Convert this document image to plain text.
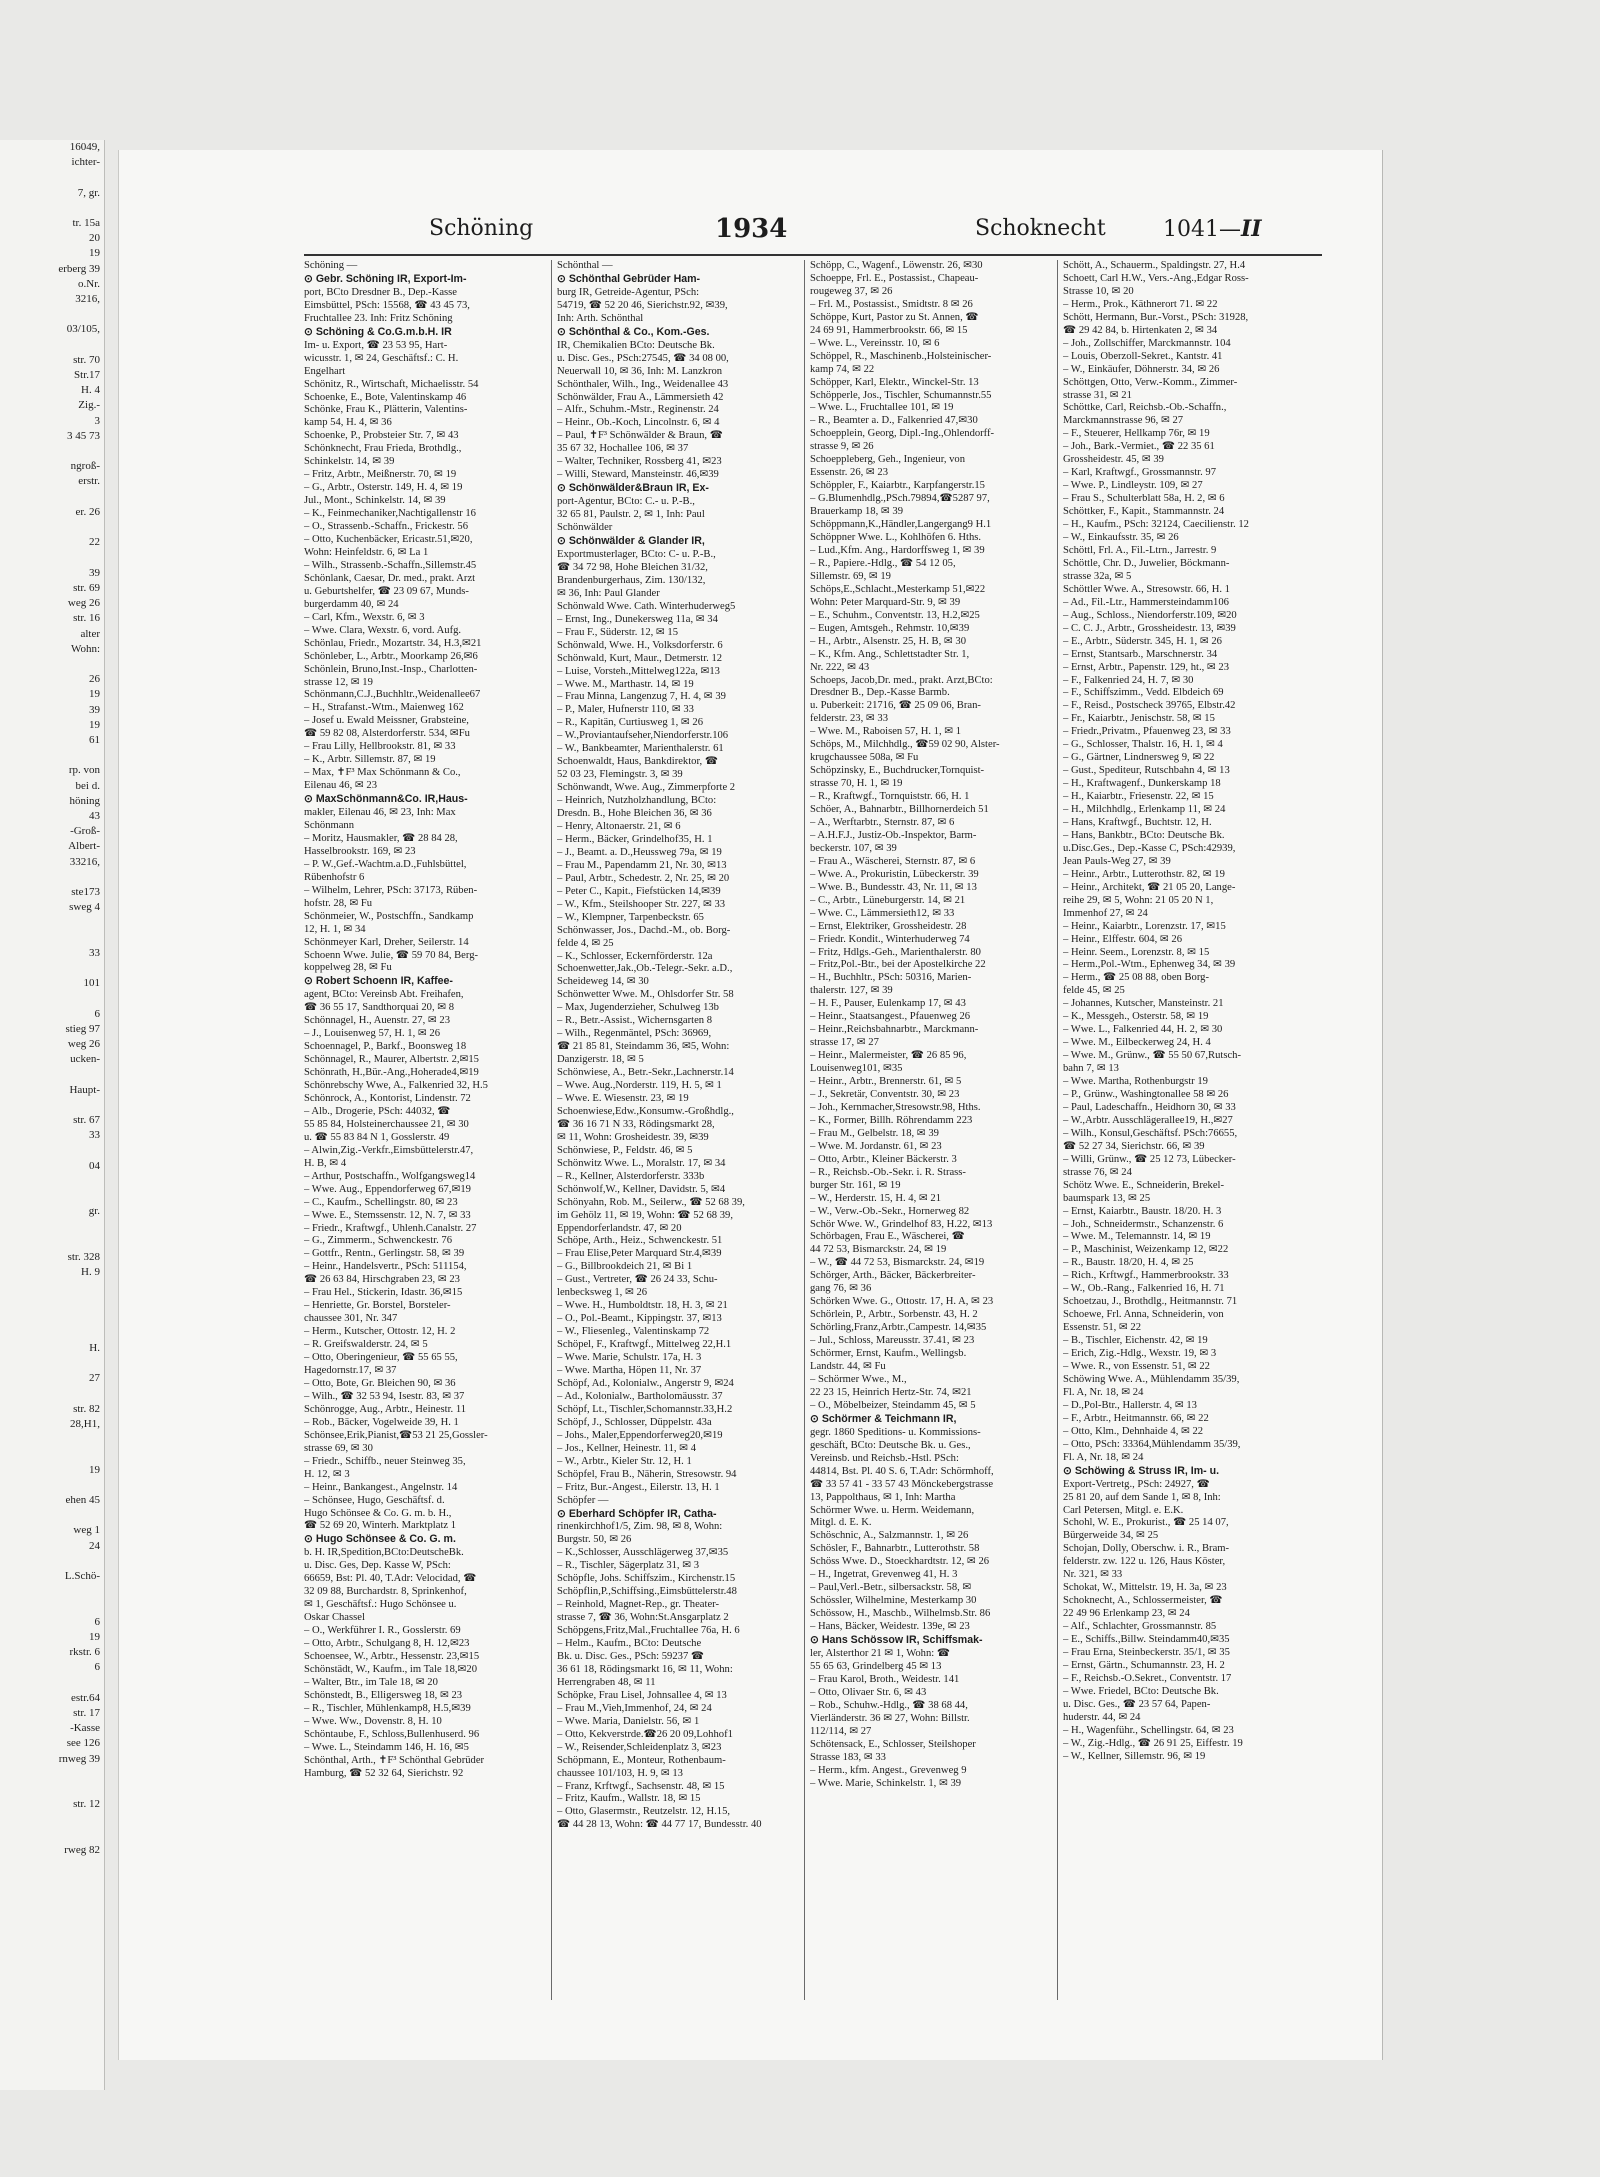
16049,
ichter-

7, gr.

tr. 15a
20
19
erberg 39
o.Nr.
3216,

03/105,

str. 70
Str.17
H. 4
Zig.-
3
3 45 73

ngroß-
erstr.

er. 26

22

39
str. 69
weg 26
str. 16
alter
Wohn:

26
19
39
19
61

rp. von
bei d.
höning
43
-Groß-
Albert-
33216,

ste173
sweg 4

33

101

6
stieg 97
weg 26
ucken-

Haupt-

str. 67
33

04

gr.

str. 328
H. 9

H.

27

str. 82
28,H1,

19

ehen 45

weg 1
24

L.Schö-

6
19
rkstr. 6
6

estr.64
str. 17
-Kasse
see 126
rnweg 39

str. 12

rweg 82
Schöning	1934	Schoknecht	1041—II
Schöning —
⊙ Gebr. Schöning IR, Export-Im-
port, BCto Dresdner B., Dep.-Kasse
Eimsbüttel, PSch: 15568, ☎ 43 45 73,
Fruchtallee 23. Inh: Fritz Schöning
⊙ Schöning & Co.G.m.b.H. IR
Im- u. Export, ☎ 23 53 95, Hart-
wicusstr. 1, ✉ 24, Geschäftsf.: C. H.
Engelhart
Schönitz, R., Wirtschaft, Michaelisstr. 54
Schoenke, E., Bote, Valentinskamp 46
Schönke, Frau K., Plätterin, Valentins-
kamp 54, H. 4, ✉ 36
Schoenke, P., Probsteier Str. 7, ✉ 43
Schönknecht, Frau Frieda, Brothdlg.,
Schinkelstr. 14, ✉ 39
– Fritz, Arbtr., Meißnerstr. 70, ✉ 19
– G., Arbtr., Osterstr. 149, H. 4, ✉ 19
Jul., Mont., Schinkelstr. 14, ✉ 39
– K., Feinmechaniker,Nachtigallenstr 16
– O., Strassenb.-Schaffn., Frickestr. 56
– Otto, Kuchenbäcker, Ericastr.51,✉20,
Wohn: Heinfeldstr. 6, ✉ La 1
– Wilh., Strassenb.-Schaffn.,Sillemstr.45
Schönlank, Caesar, Dr. med., prakt. Arzt
u. Geburtshelfer, ☎ 23 09 67, Munds-
burgerdamm 40, ✉ 24
– Carl, Kfm., Wexstr. 6, ✉ 3
– Wwe. Clara, Wexstr. 6, vord. Aufg.
Schönlau, Friedr., Mozartstr. 34, H.3,✉21
Schönleber, L., Arbtr., Moorkamp 26,✉6
Schönlein, Bruno,Inst.-Insp., Charlotten-
strasse 12, ✉ 19
Schönmann,C.J.,Buchhltr.,Weidenallee67
– H., Strafanst.-Wtm., Maienweg 162
– Josef u. Ewald Meissner, Grabsteine,
☎ 59 82 08, Alsterdorferstr. 534, ✉Fu
– Frau Lilly, Hellbrookstr. 81, ✉ 33
– K., Arbtr. Sillemstr. 87, ✉ 19
– Max, ✝F³ Max Schönmann & Co.,
Eilenau 46, ✉ 23
⊙ MaxSchönmann&Co. IR,Haus-
makler, Eilenau 46, ✉ 23, Inh: Max
Schönmann
– Moritz, Hausmakler, ☎ 28 84 28,
Hasselbrookstr. 169, ✉ 23
– P. W.,Gef.-Wachtm.a.D.,Fuhlsbüttel,
Rübenhofstr 6
– Wilhelm, Lehrer, PSch: 37173, Rüben-
hofstr. 28, ✉ Fu
Schönmeier, W., Postschffn., Sandkamp
12, H. 1, ✉ 34
Schönmeyer Karl, Dreher, Seilerstr. 14
Schoenn Wwe. Julie, ☎ 59 70 84, Berg-
koppelweg 28, ✉ Fu
⊙ Robert Schoenn IR, Kaffee-
agent, BCto: Vereinsb Abt. Freihafen,
☎ 36 55 17, Sandthorquai 20, ✉ 8
Schönnagel, H., Auenstr. 27, ✉ 23
– J., Louisenweg 57, H. 1, ✉ 26
Schoennagel, P., Barkf., Boonsweg 18
Schönnagel, R., Maurer, Albertstr. 2,✉15
Schönrath, H.,Bür.-Ang.,Hoherade4,✉19
Schönrebschy Wwe, A., Falkenried 32, H.5
Schönrock, A., Kontorist, Lindenstr. 72
– Alb., Drogerie, PSch: 44032, ☎
55 85 84, Holsteinerchaussee 21, ✉ 30
u. ☎ 55 83 84 N 1, Gosslerstr. 49
– Alwin,Zig.-Verkfr.,Eimsbüttelerstr.47,
H. B, ✉ 4
– Arthur, Postschaffn., Wolfgangsweg14
– Wwe. Aug., Eppendorferweg 67,✉19
– C., Kaufm., Schellingstr. 80, ✉ 23
– Wwe. E., Stemssenstr. 12, N. 7, ✉ 33
– Friedr., Kraftwgf., Uhlenh.Canalstr. 27
– G., Zimmerm., Schwenckestr. 76
– Gottfr., Rentn., Gerlingstr. 58, ✉ 39
– Heinr., Handelsvertr., PSch: 511154,
☎ 26 63 84, Hirschgraben 23, ✉ 23
– Frau Hel., Stickerin, Idastr. 36,✉15
– Henriette, Gr. Borstel, Borsteler-
chaussee 301, Nr. 347
– Herm., Kutscher, Ottostr. 12, H. 2
– R. Greifswalderstr. 24, ✉ 5
– Otto, Oberingenieur, ☎ 55 65 55,
Hagedornstr.17, ✉ 37
– Otto, Bote, Gr. Bleichen 90, ✉ 36
– Wilh., ☎ 32 53 94, Isestr. 83, ✉ 37
Schönrogge, Aug., Arbtr., Heinestr. 11
– Rob., Bäcker, Vogelweide 39, H. 1
Schönsee,Erik,Pianist,☎53 21 25,Gossler-
strasse 69, ✉ 30
– Friedr., Schiffb., neuer Steinweg 35,
H. 12, ✉ 3
– Heinr., Bankangest., Angelnstr. 14
– Schönsee, Hugo, Geschäftsf. d.
Hugo Schönsee & Co. G. m. b. H.,
☎ 52 69 20, Winterh. Marktplatz 1
⊙ Hugo Schönsee & Co. G. m.
b. H. IR,Spedition,BCto:DeutscheBk.
u. Disc. Ges, Dep. Kasse W, PSch:
66659, Bst: Pl. 40, T.Adr: Velocidad, ☎
32 09 88, Burchardstr. 8, Sprinkenhof,
✉ 1, Geschäftsf.: Hugo Schönsee u.
Oskar Chassel
– O., Werkführer I. R., Gosslerstr. 69
– Otto, Arbtr., Schulgang 8, H. 12,✉23
Schoensee, W., Arbtr., Hessenstr. 23,✉15
Schönstädt, W., Kaufm., im Tale 18,✉20
– Walter, Btr., im Tale 18, ✉ 20
Schönstedt, B., Elligersweg 18, ✉ 23
– R., Tischler, Mühlenkamp8, H.5,✉39
– Wwe. Ww., Dovenstr. 8, H. 10
Schöntaube, F., Schloss,Bullenhuserd. 96
– Wwe. L., Steindamm 146, H. 16, ✉5
Schönthal, Arth., ✝F³ Schönthal Gebrüder
Hamburg, ☎ 52 32 64, Sierichstr. 92
Schönthal —
⊙ Schönthal Gebrüder Ham-
burg IR, Getreide-Agentur, PSch:
54719, ☎ 52 20 46, Sierichstr.92, ✉39,
Inh: Arth. Schönthal
⊙ Schönthal & Co., Kom.-Ges.
IR, Chemikalien BCto: Deutsche Bk.
u. Disc. Ges., PSch:27545, ☎ 34 08 00,
Neuerwall 10, ✉ 36, Inh: M. Lanzkron
Schönthaler, Wilh., Ing., Weidenallee 43
Schönwälder, Frau A., Lämmersieth 42
– Alfr., Schuhm.-Mstr., Reginenstr. 24
– Heinr., Ob.-Koch, Lincolnstr. 6, ✉ 4
– Paul, ✝F³ Schönwälder & Braun, ☎
35 67 32, Hochallee 106, ✉ 37
– Walter, Techniker, Rossberg 41, ✉23
– Willi, Steward, Mansteinstr. 46,✉39
⊙ Schönwälder&Braun IR, Ex-
port-Agentur, BCto: C.- u. P.-B.,
32 65 81, Paulstr. 2, ✉ 1, Inh: Paul
Schönwälder
⊙ Schönwälder & Glander IR,
Exportmusterlager, BCto: C- u. P.-B.,
☎ 34 72 98, Hohe Bleichen 31/32,
Brandenburgerhaus, Zim. 130/132,
✉ 36, Inh: Paul Glander
Schönwald Wwe. Cath. Winterhuderweg5
– Ernst, Ing., Dunekersweg 11a, ✉ 34
– Frau F., Süderstr. 12, ✉ 15
Schönwald, Wwe. H., Volksdorferstr. 6
Schönwald, Kurt, Maur., Detmerstr. 12
– Luise, Vorsteh.,Mittelweg122a, ✉13
– Wwe. M., Marthastr. 14, ✉ 19
– Frau Minna, Langenzug 7, H. 4, ✉ 39
– P., Maler, Hufnerstr 110, ✉ 33
– R., Kapitän, Curtiusweg 1, ✉ 26
– W.,Proviantaufseher,Niendorferstr.106
– W., Bankbeamter, Marienthalerstr. 61
Schoenwaldt, Haus, Bankdirektor, ☎
52 03 23, Flemingstr. 3, ✉ 39
Schönwandt, Wwe. Aug., Zimmerpforte 2
– Heinrich, Nutzholzhandlung, BCto:
Dresdn. B., Hohe Bleichen 36, ✉ 36
– Henry, Altonaerstr. 21, ✉ 6
– Herm., Bäcker, Grindelhof35, H. 1
– J., Beamt. a. D.,Heussweg 79a, ✉ 19
– Frau M., Papendamm 21, Nr. 30, ✉13
– Paul, Arbtr., Schedestr. 2, Nr. 25, ✉ 20
– Peter C., Kapit., Fiefstücken 14,✉39
– W., Kfm., Steilshooper Str. 227, ✉ 33
– W., Klempner, Tarpenbeckstr. 65
Schönwasser, Jos., Dachd.-M., ob. Borg-
felde 4, ✉ 25
– K., Schlosser, Eckernförderstr. 12a
Schoenwetter,Jak.,Ob.-Telegr.-Sekr. a.D.,
Scheideweg 14, ✉ 30
Schönwetter Wwe. M., Ohlsdorfer Str. 58
– Max, Jugenderzieher, Schulweg 13b
– R., Betr.-Assist., Wichernsgarten 8
– Wilh., Regenmäntel, PSch: 36969,
☎ 21 85 81, Steindamm 36, ✉5, Wohn:
Danzigerstr. 18, ✉ 5
Schönwiese, A., Betr.-Sekr.,Lachnerstr.14
– Wwe. Aug.,Norderstr. 119, H. 5, ✉ 1
– Wwe. E. Wiesenstr. 23, ✉ 19
Schoenwiese,Edw.,Konsumw.-Großhdlg.,
☎ 36 16 71 N 33, Rödingsmarkt 28,
✉ 11, Wohn: Grosheidestr. 39, ✉39
Schönwiese, P., Feldstr. 46, ✉ 5
Schönwitz Wwe. L., Moralstr. 17, ✉ 34
– R., Kellner, Alsterdorferstr. 333b
Schönwolf,W., Kellner, Davidstr. 5, ✉4
Schönyahn, Rob. M., Seilerw., ☎ 52 68 39,
im Gehölz 11, ✉ 19, Wohn: ☎ 52 68 39,
Eppendorferlandstr. 47, ✉ 20
Schöpe, Arth., Heiz., Schwenckestr. 51
– Frau Elise,Peter Marquard Str.4,✉39
– G., Billbrookdeich 21, ✉ Bi 1
– Gust., Vertreter, ☎ 26 24 33, Schu-
lenbecksweg 1, ✉ 26
– Wwe. H., Humboldtstr. 18, H. 3, ✉ 21
– O., Pol.-Beamt., Kippingstr. 37, ✉13
– W., Fliesenleg., Valentinskamp 72
Schöpel, F., Kraftwgf., Mittelweg 22,H.1
– Wwe. Marie, Schulstr. 17a, H. 3
– Wwe. Martha, Höpen 11, Nr. 37
Schöpf, Ad., Kolonialw., Angerstr 9, ✉24
– Ad., Kolonialw., Bartholomäusstr. 37
Schöpf, Lt., Tischler,Schomannstr.33,H.2
Schöpf, J., Schlosser, Düppelstr. 43a
– Johs., Maler,Eppendorferweg20,✉19
– Jos., Kellner, Heinestr. 11, ✉ 4
– W., Arbtr., Kieler Str. 12, H. 1
Schöpfel, Frau B., Näherin, Stresowstr. 94
– Fritz, Bur.-Angest., Eilerstr. 13, H. 1
Schöpfer —
⊙ Eberhard Schöpfer IR, Catha-
rinenkirchhof1/5, Zim. 98, ✉ 8, Wohn:
Burgstr. 50, ✉ 26
– K.,Schlosser, Ausschlägerweg 37,✉35
– R., Tischler, Sägerplatz 31, ✉ 3
Schöpfle, Johs. Schiffszim., Kirchenstr.15
Schöpflin,P.,Schiffsing.,Eimsbüttelerstr.48
– Reinhold, Magnet-Rep., gr. Theater-
strasse 7, ☎ 36, Wohn:St.Ansgarplatz 2
Schöpgens,Fritz,Mal.,Fruchtallee 76a, H. 6
– Helm., Kaufm., BCto: Deutsche
Bk. u. Disc. Ges., PSch: 59237 ☎
36 61 18, Rödingsmarkt 16, ✉ 11, Wohn:
Herrengraben 48, ✉ 11
Schöpke, Frau Lisel, Johnsallee 4, ✉ 13
– Frau M.,Vieh,Immenhof, 24, ✉ 24
– Wwe. Maria, Danielstr. 56, ✉ 1
– Otto, Kekverstrde.☎26 20 09,Lohhof1
– W., Reisender,Schleidenplatz 3, ✉23
Schöpmann, E., Monteur, Rothenbaum-
chaussee 101/103, H. 9, ✉ 13
– Franz, Krftwgf., Sachsenstr. 48, ✉ 15
– Fritz, Kaufm., Wallstr. 18, ✉ 15
– Otto, Glasermstr., Reutzelstr. 12, H.15,
☎ 44 28 13, Wohn: ☎ 44 77 17, Bundesstr. 40
Schöpp, C., Wagenf., Löwenstr. 26, ✉30
Schoeppe, Frl. E., Postassist., Chapeau-
rougeweg 37, ✉ 26
– Frl. M., Postassist., Smidtstr. 8 ✉ 26
Schöppe, Kurt, Pastor zu St. Annen, ☎
24 69 91, Hammerbrookstr. 66, ✉ 15
– Wwe. L., Vereinsstr. 10, ✉ 6
Schöppel, R., Maschinenb.,Holsteinischer-
kamp 74, ✉ 22
Schöpper, Karl, Elektr., Winckel-Str. 13
Schöpperle, Jos., Tischler, Schumannstr.55
– Wwe. L., Fruchtallee 101, ✉ 19
– R., Beamter a. D., Falkenried 47,✉30
Schoepplein, Georg, Dipl.-Ing.,Ohlendorff-
strasse 9, ✉ 26
Schoeppleberg, Geh., Ingenieur, von
Essenstr. 26, ✉ 23
Schöppler, F., Kaiarbtr., Karpfangerstr.15
– G.Blumenhdlg.,PSch.79894,☎5287 97,
Brauerkamp 18, ✉ 39
Schöppmann,K.,Händler,Langergang9 H.1
Schöppner Wwe. L., Kohlhöfen 6. Hths.
– Lud.,Kfm. Ang., Hardorffsweg 1, ✉ 39
– R., Papiere.-Hdlg., ☎ 54 12 05,
Sillemstr. 69, ✉ 19
Schöps,E.,Schlacht.,Mesterkamp 51,✉22
Wohn: Peter Marquard-Str. 9, ✉ 39
– E., Schuhm., Conventstr. 13, H.2,✉25
– Eugen, Amtsgeh., Rehmstr. 10,✉39
– H., Arbtr., Alsenstr. 25, H. B, ✉ 30
– K., Kfm. Ang., Schlettstadter Str. 1,
Nr. 222, ✉ 43
Schoeps, Jacob,Dr. med., prakt. Arzt,BCto:
Dresdner B., Dep.-Kasse Barmb.
u. Puberkeit: 21716, ☎ 25 09 06, Bran-
felderstr. 23, ✉ 33
– Wwe. M., Raboisen 57, H. 1, ✉ 1
Schöps, M., Milchhdlg., ☎59 02 90, Alster-
krugchaussee 508a, ✉ Fu
Schöpzinsky, E., Buchdrucker,Tornquist-
strasse 70, H. 1, ✉ 19
– R., Kraftwgf., Tornquiststr. 66, H. 1
Schöer, A., Bahnarbtr., Billhornerdeich 51
– A., Werftarbtr., Sternstr. 87, ✉ 6
– A.H.F.J., Justiz-Ob.-Inspektor, Barm-
beckerstr. 107, ✉ 39
– Frau A., Wäscherei, Sternstr. 87, ✉ 6
– Wwe. A., Prokuristin, Lübeckerstr. 39
– Wwe. B., Bundesstr. 43, Nr. 11, ✉ 13
– C., Arbtr., Lüneburgerstr. 14, ✉ 21
– Wwe. C., Lämmersieth12, ✉ 33
– Ernst, Elektriker, Grossheidestr. 28
– Friedr. Kondit., Winterhuderweg 74
– Fritz, Hdlgs.-Geh., Marienthalerstr. 80
– Fritz,Pol.-Btr., bei der Apostelkirche 22
– H., Buchhltr., PSch: 50316, Marien-
thalerstr. 127, ✉ 39
– H. F., Pauser, Eulenkamp 17, ✉ 43
– Heinr., Staatsangest., Pfauenweg 26
– Heinr.,Reichsbahnarbtr., Marckmann-
strasse 17, ✉ 27
– Heinr., Malermeister, ☎ 26 85 96,
Louisenweg101, ✉35
– Heinr., Arbtr., Brennerstr. 61, ✉ 5
– J., Sekretär, Conventstr. 30, ✉ 23
– Joh., Kernmacher,Stresowstr.98, Hths.
– K., Former, Billh. Röhrendamm 223
– Frau M., Gelbelstr. 18, ✉ 39
– Wwe. M. Jordanstr. 61, ✉ 23
– Otto, Arbtr., Kleiner Bäckerstr. 3
– R., Reichsb.-Ob.-Sekr. i. R. Strass-
burger Str. 161, ✉ 19
– W., Herderstr. 15, H. 4, ✉ 21
– W., Verw.-Ob.-Sekr., Hornerweg 82
Schör Wwe. W., Grindelhof 83, H.22, ✉13
Schörbagen, Frau E., Wäscherei, ☎
44 72 53, Bismarckstr. 24, ✉ 19
– W., ☎ 44 72 53, Bismarckstr. 24, ✉19
Schörger, Arth., Bäcker, Bäckerbreiter-
gang 76, ✉ 36
Schörken Wwe. G., Ottostr. 17, H. A, ✉ 23
Schörlein, P., Arbtr., Sorbenstr. 43, H. 2
Schörling,Franz,Arbtr.,Campestr. 14,✉35
– Jul., Schloss, Mareusstr. 37.41, ✉ 23
Schörmer, Ernst, Kaufm., Wellingsb.
Landstr. 44, ✉ Fu
– Schörmer Wwe., M.,
22 23 15, Heinrich Hertz-Str. 74, ✉21
– O., Möbelbeizer, Steindamm 45, ✉ 5
⊙ Schörmer & Teichmann IR,
gegr. 1860 Speditions- u. Kommissions-
geschäft, BCto: Deutsche Bk. u. Ges.,
Vereinsb. und Reichsb.-Hstl. PSch:
44814, Bst. Pl. 40 S. 6, T.Adr: Schörmhoff,
☎ 33 57 41 - 33 57 43 Mönckebergstrasse
13, Pappolthaus, ✉ 1, Inh: Martha
Schörmer Wwe. u. Herm. Weidemann,
Mitgl. d. E. K.
Schöschnic, A., Salzmannstr. 1, ✉ 26
Schösler, F., Bahnarbtr., Lutterothstr. 58
Schöss Wwe. D., Stoeckhardtstr. 12, ✉ 26
– H., Ingetrat, Grevenweg 41, H. 3
– Paul,Verl.-Betr., silbersackstr. 58, ✉
Schössler, Wilhelmine, Mesterkamp 30
Schössow, H., Maschb., Wilhelmsb.Str. 86
– Hans, Bäcker, Weidestr. 139e, ✉ 23
⊙ Hans Schössow IR, Schiffsmak-
ler, Alsterthor 21 ✉ 1, Wohn: ☎
55 65 63, Grindelberg 45 ✉ 13
– Frau Karol, Broth., Weidestr. 141
– Otto, Olivaer Str. 6, ✉ 43
– Rob., Schuhw.-Hdlg., ☎ 38 68 44,
Vierländerstr. 36 ✉ 27, Wohn: Billstr.
112/114, ✉ 27
Schötensack, E., Schlosser, Steilshoper
Strasse 183, ✉ 33
– Herm., kfm. Angest., Grevenweg 9
– Wwe. Marie, Schinkelstr. 1, ✉ 39
Schött, A., Schauerm., Spaldingstr. 27, H.4
Schoett, Carl H.W., Vers.-Ang.,Edgar Ross-
Strasse 10, ✉ 20
– Herm., Prok., Käthnerort 71. ✉ 22
Schött, Hermann, Bur.-Vorst., PSch: 31928,
☎ 29 42 84, b. Hirtenkaten 2, ✉ 34
– Joh., Zollschiffer, Marckmannstr. 104
– Louis, Oberzoll-Sekret., Kantstr. 41
– W., Einkäufer, Döhnerstr. 34, ✉ 26
Schöttgen, Otto, Verw.-Komm., Zimmer-
strasse 31, ✉ 21
Schöttke, Carl, Reichsb.-Ob.-Schaffn.,
Marckmannstrasse 96, ✉ 27
– F., Steuerer, Hellkamp 76r, ✉ 19
– Joh., Bark.-Vermiet., ☎ 22 35 61
Grossheidestr. 45, ✉ 39
– Karl, Kraftwgf., Grossmannstr. 97
– Wwe. P., Lindleystr. 109, ✉ 27
– Frau S., Schulterblatt 58a, H. 2, ✉ 6
Schöttker, F., Kapit., Stammannstr. 24
– H., Kaufm., PSch: 32124, Caecilienstr. 12
– W., Einkaufsstr. 35, ✉ 26
Schöttl, Frl. A., Fil.-Ltrn., Jarrestr. 9
Schöttle, Chr. D., Juwelier, Böckmann-
strasse 32a, ✉ 5
Schöttler Wwe. A., Stresowstr. 66, H. 1
– Ad., Fil.-Ltr., Hammersteindamm106
– Aug., Schloss., Niendorferstr.109, ✉20
– C. C. J., Arbtr., Grossheidestr. 13, ✉39
– E., Arbtr., Süderstr. 345, H. 1, ✉ 26
– Ernst, Stantsarb., Marschnerstr. 34
– Ernst, Arbtr., Papenstr. 129, ht., ✉ 23
– F., Falkenried 24, H. 7, ✉ 30
– F., Schiffszimm., Vedd. Elbdeich 69
– F., Reisd., Postscheck 39765, Elbstr.42
– Fr., Kaiarbtr., Jenischstr. 58, ✉ 15
– Friedr.,Privatm., Pfauenweg 23, ✉ 33
– G., Schlosser, Thalstr. 16, H. 1, ✉ 4
– G., Gärtner, Lindnersweg 9, ✉ 22
– Gust., Spediteur, Rutschbahn 4, ✉ 13
– H., Kraftwagenf., Dunkerskamp 18
– H., Kaiarbtr., Friesenstr. 22, ✉ 15
– H., Milchhdlg., Erlenkamp 11, ✉ 24
– Hans, Kraftwgf., Buchtstr. 12, H.
– Hans, Bankbtr., BCto: Deutsche Bk.
u.Disc.Ges., Dep.-Kasse C, PSch:42939,
Jean Pauls-Weg 27, ✉ 39
– Heinr., Arbtr., Lutterothstr. 82, ✉ 19
– Heinr., Architekt, ☎ 21 05 20, Lange-
reihe 29, ✉ 5, Wohn: 21 05 20 N 1,
Immenhof 27, ✉ 24
– Heinr., Kaiarbtr., Lorenzstr. 17, ✉15
– Heinr., Elffestr. 604, ✉ 26
– Heinr. Seem., Lorenzstr. 8, ✉ 15
– Herm.,Pol.-Wtm., Ephenweg 34, ✉ 39
– Herm., ☎ 25 08 88, oben Borg-
felde 45, ✉ 25
– Johannes, Kutscher, Mansteinstr. 21
– K., Messgeh., Osterstr. 58, ✉ 19
– Wwe. L., Falkenried 44, H. 2, ✉ 30
– Wwe. M., Eilbeckerweg 24, H. 4
– Wwe. M., Grünw., ☎ 55 50 67,Rutsch-
bahn 7, ✉ 13
– Wwe. Martha, Rothenburgstr 19
– P., Grünw., Washingtonallee 58 ✉ 26
– Paul, Ladeschaffn., Heidhorn 30, ✉ 33
– W.,Arbtr. Ausschlägerallee19, H.,✉27
– Wilh., Konsul,Geschäftsf. PSch:76655,
☎ 52 27 34, Sierichstr. 66, ✉ 39
– Willi, Grünw., ☎ 25 12 73, Lübecker-
strasse 76, ✉ 24
Schötz Wwe. E., Schneiderin, Brekel-
baumspark 13, ✉ 25
– Ernst, Kaiarbtr., Baustr. 18/20. H. 3
– Joh., Schneidermstr., Schanzenstr. 6
– Wwe. M., Telemannstr. 14, ✉ 19
– P., Maschinist, Weizenkamp 12, ✉22
– R., Baustr. 18/20, H. 4, ✉ 25
– Rich., Krftwgf., Hammerbrookstr. 33
– W., Ob.-Rang., Falkenried 16, H. 71
Schoetzau, J., Brothdlg., Heitmannstr. 71
Schoewe, Frl. Anna, Schneiderin, von
Essenstr. 51, ✉ 22
– B., Tischler, Eichenstr. 42, ✉ 19
– Erich, Zig.-Hdlg., Wexstr. 19, ✉ 3
– Wwe. R., von Essenstr. 51, ✉ 22
Schöwing Wwe. A., Mühlendamm 35/39,
Fl. A, Nr. 18, ✉ 24
– D.,Pol-Btr., Hallerstr. 4, ✉ 13
– F., Arbtr., Heitmannstr. 66, ✉ 22
– Otto, Klm., Dehnhaide 4, ✉ 22
– Otto, PSch: 33364,Mühlendamm 35/39,
Fl. A, Nr. 18, ✉ 24
⊙ Schöwing & Struss IR, Im- u.
Export-Vertretg., PSch: 24927, ☎
25 81 20, auf dem Sande 1, ✉ 8, Inh:
Carl Petersen, Mitgl. e. E.K.
Schohl, W. E., Prokurist., ☎ 25 14 07,
Bürgerweide 34, ✉ 25
Schojan, Dolly, Oberschw. i. R., Bram-
felderstr. zw. 122 u. 126, Haus Köster,
Nr. 321, ✉ 33
Schokat, W., Mittelstr. 19, H. 3a, ✉ 23
Schoknecht, A., Schlossermeister, ☎
22 49 96 Erlenkamp 23, ✉ 24
– Alf., Schlachter, Grossmannstr. 85
– E., Schiffs.,Billw. Steindamm40,✉35
– Frau Erna, Steinbeckerstr. 35/1, ✉ 35
– Ernst, Gärtn., Schumannstr. 23, H. 2
– F., Reichsb.-O.Sekret., Conventstr. 17
– Wwe. Friedel, BCto: Deutsche Bk.
u. Disc. Ges., ☎ 23 57 64, Papen-
huderstr. 44, ✉ 24
– H., Wagenführ., Schellingstr. 64, ✉ 23
– W., Zig.-Hdlg., ☎ 26 91 25, Eiffestr. 19
– W., Kellner, Sillemstr. 96, ✉ 19
